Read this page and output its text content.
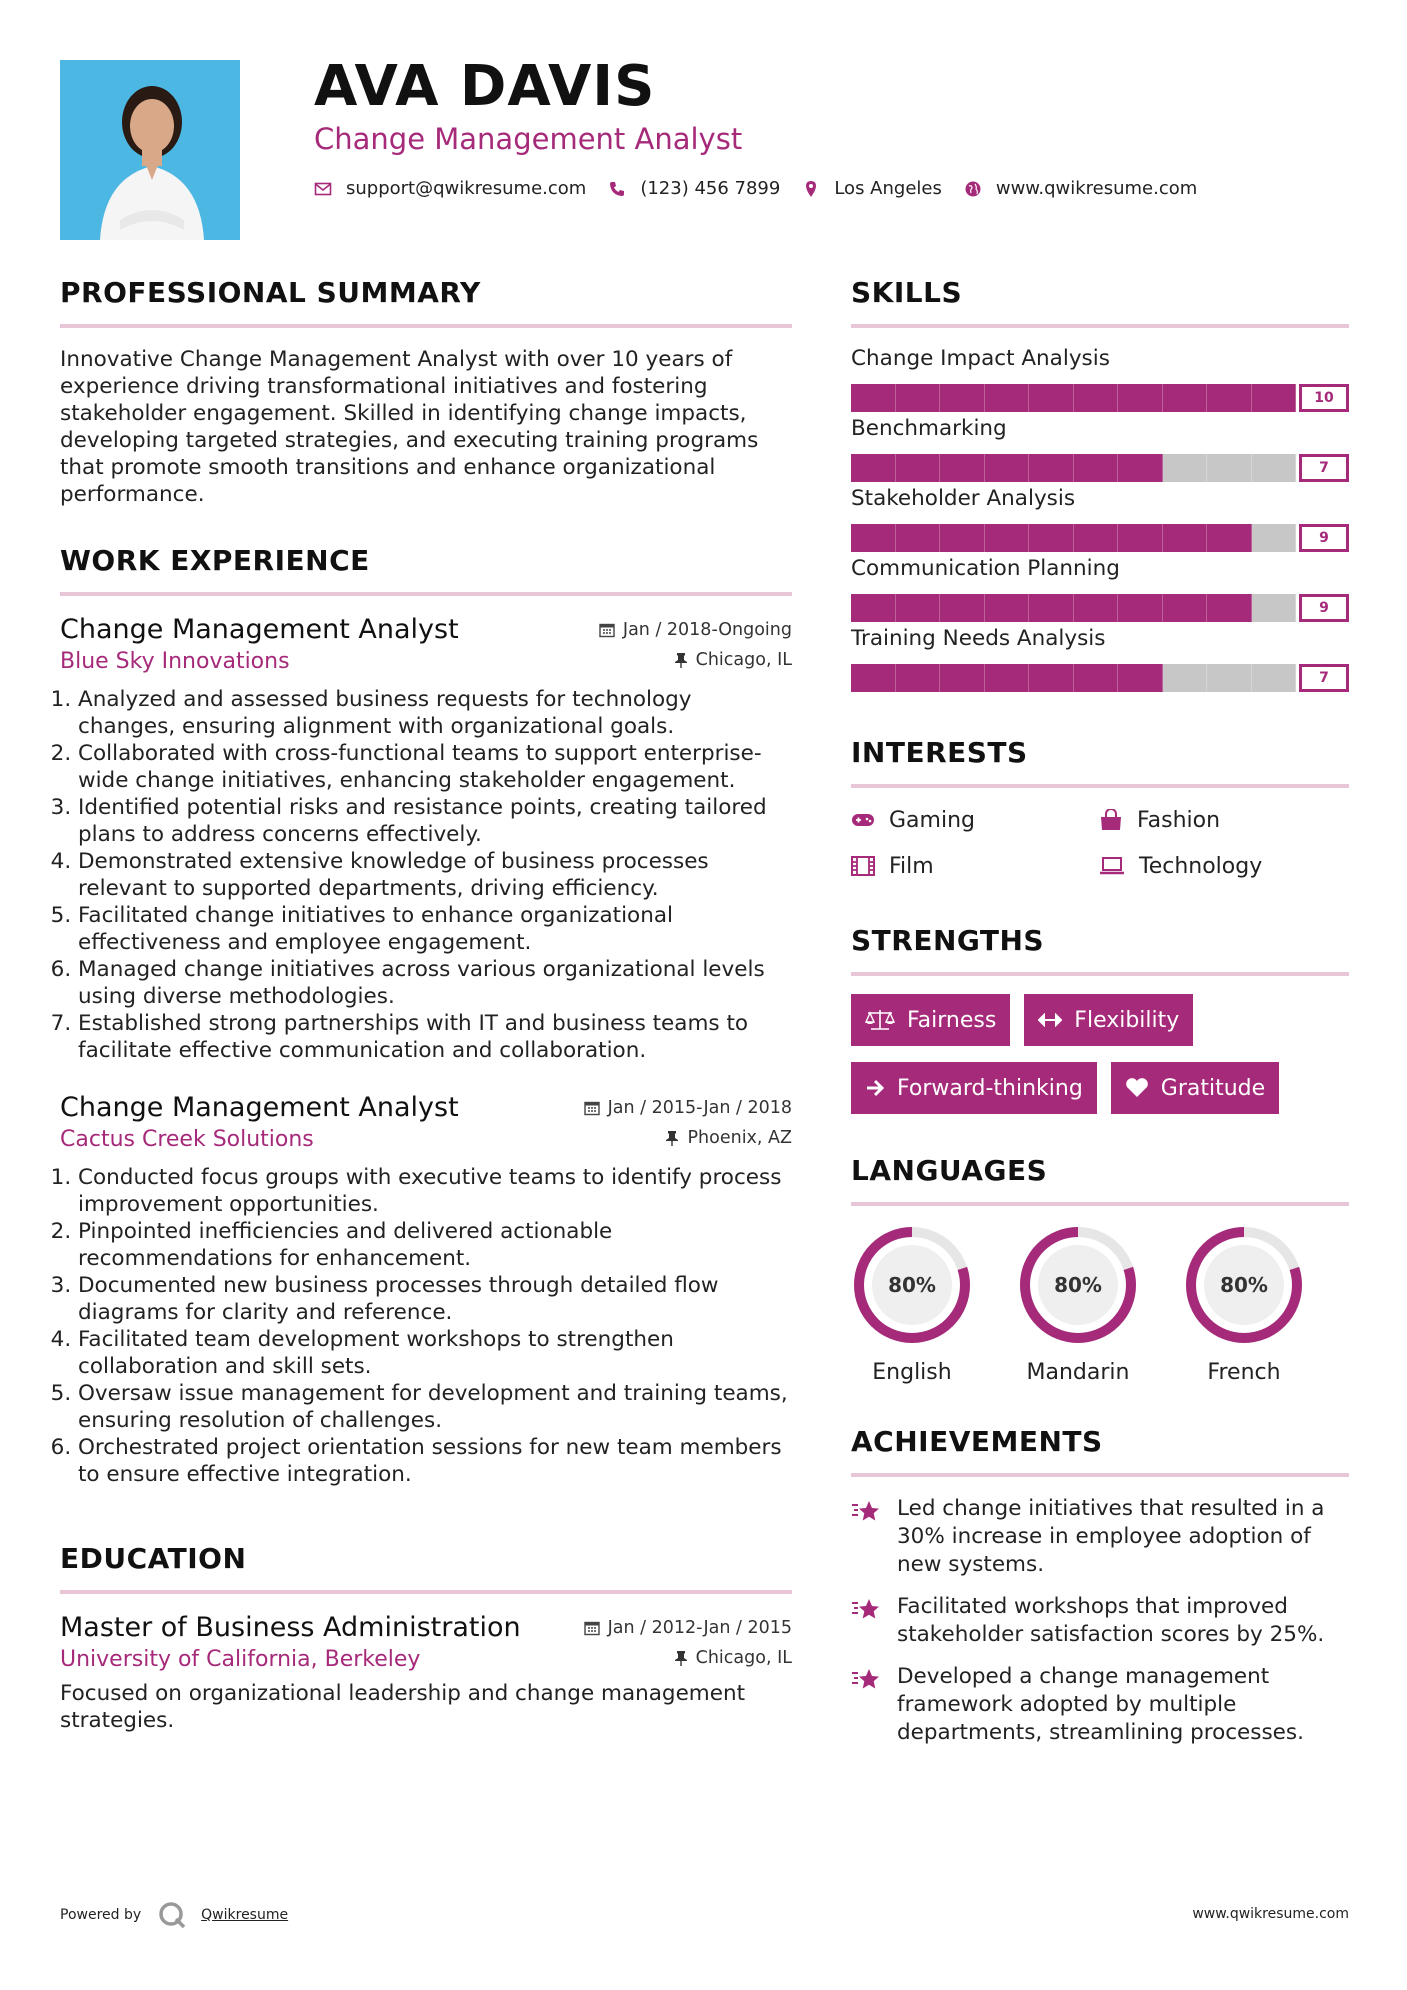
AVA DAVIS
Change Management Analyst
support@qwikresume.com	(123) 456 7899	Los Angeles	www.qwikresume.com
PROFESSIONAL SUMMARY
Innovative Change Management Analyst with over 10 years of experience driving transformational initiatives and fostering stakeholder engagement. Skilled in identifying change impacts, developing targeted strategies, and executing training programs that promote smooth transitions and enhance organizational performance.
WORK EXPERIENCE
Change Management Analyst	Jan / 2018-Ongoing
Blue Sky Innovations	Chicago, IL
1. Analyzed and assessed business requests for technology changes, ensuring alignment with organizational goals.
2. Collaborated with cross-functional teams to support enterprise-wide change initiatives, enhancing stakeholder engagement.
3. Identified potential risks and resistance points, creating tailored plans to address concerns effectively.
4. Demonstrated extensive knowledge of business processes relevant to supported departments, driving efficiency.
5. Facilitated change initiatives to enhance organizational effectiveness and employee engagement.
6. Managed change initiatives across various organizational levels using diverse methodologies.
7. Established strong partnerships with IT and business teams to facilitate effective communication and collaboration.
Change Management Analyst	Jan / 2015-Jan / 2018
Cactus Creek Solutions	Phoenix, AZ
1. Conducted focus groups with executive teams to identify process improvement opportunities.
2. Pinpointed inefficiencies and delivered actionable recommendations for enhancement.
3. Documented new business processes through detailed flow diagrams for clarity and reference.
4. Facilitated team development workshops to strengthen collaboration and skill sets.
5. Oversaw issue management for development and training teams, ensuring resolution of challenges.
6. Orchestrated project orientation sessions for new team members to ensure effective integration.
EDUCATION
Master of Business Administration	Jan / 2012-Jan / 2015
University of California, Berkeley	Chicago, IL
Focused on organizational leadership and change management strategies.
SKILLS
Change Impact Analysis
10
Benchmarking
7
Stakeholder Analysis
9
Communication Planning
9
Training Needs Analysis
7
INTERESTS
Gaming	Fashion
Film	Technology
STRENGTHS
Fairness	Flexibility
Forward-thinking	Gratitude
LANGUAGES
80%
English
80%
Mandarin
80%
French
ACHIEVEMENTS
Led change initiatives that resulted in a 30% increase in employee adoption of new systems.
Facilitated workshops that improved stakeholder satisfaction scores by 25%.
Developed a change management framework adopted by multiple departments, streamlining processes.
Powered by	Qwikresume	www.qwikresume.com
